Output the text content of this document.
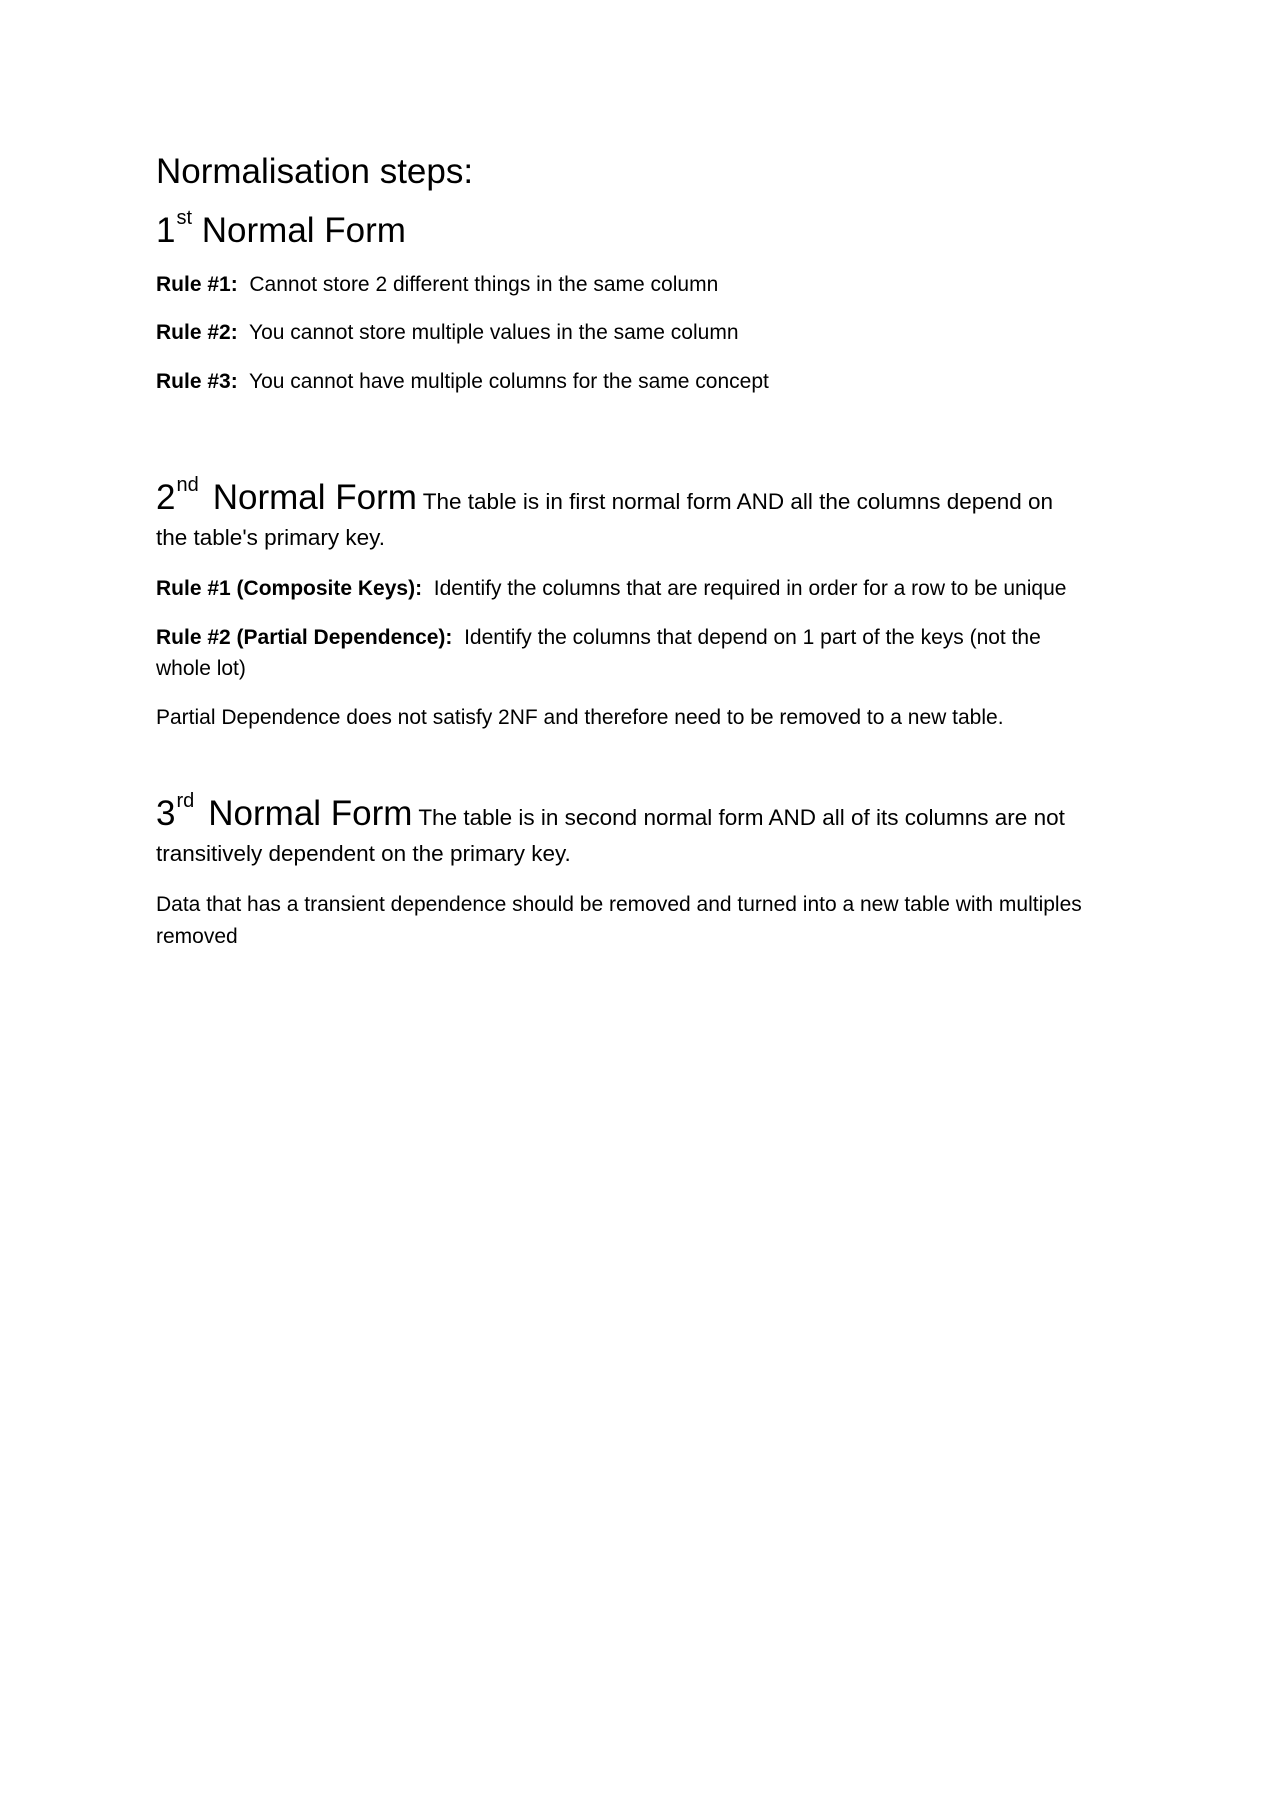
Normalisation steps:
1st Normal Form

Rule #1: Cannot store 2 different things in the same column

Rule #2: You cannot store multiple values in the same column

Rule #3: You cannot have multiple columns for the same concept

2nd Normal Form The table is in first normal form AND all the columns depend on
the table's primary key.

Rule #1 (Composite Keys): Identify the columns that are required in order for a row to be unique

Rule #2 (Partial Dependence): Identify the columns that depend on 1 part of the keys (not the
whole lot)

Partial Dependence does not satisfy 2NF and therefore need to be removed to a new table.

3rd Normal Form The table is in second normal form AND all of its columns are not
transitively dependent on the primary key.

Data that has a transient dependence should be removed and turned into a new table with multiples
removed
